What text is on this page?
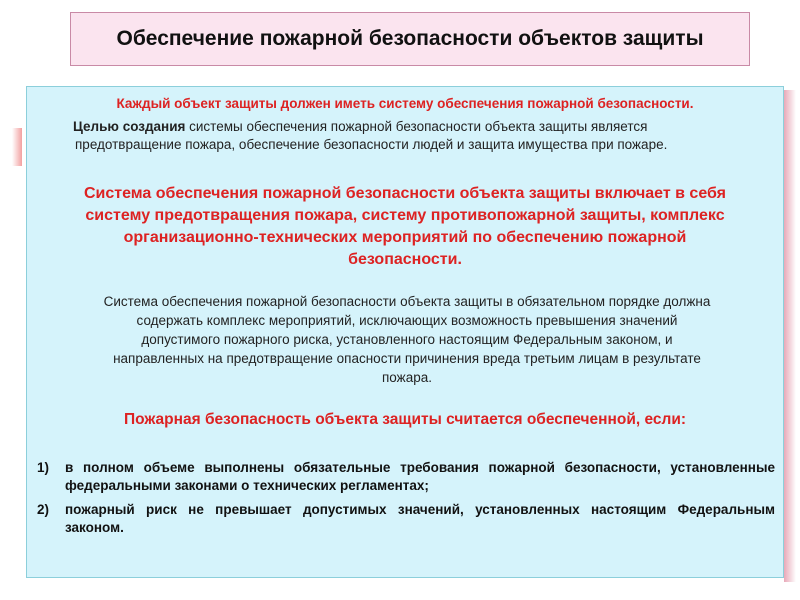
Обеспечение пожарной безопасности объектов защиты
Каждый объект защиты должен иметь систему обеспечения пожарной безопасности.
Целью создания системы обеспечения пожарной безопасности объекта защиты является
предотвращение пожара, обеспечение безопасности людей и защита имущества при пожаре.
Система обеспечения пожарной безопасности объекта защиты включает в себя
систему предотвращения пожара, систему противопожарной защиты, комплекс
организационно-технических мероприятий по обеспечению пожарной
безопасности.
Система обеспечения пожарной безопасности объекта защиты в обязательном порядке должна
содержать комплекс мероприятий, исключающих возможность превышения значений
допустимого пожарного риска, установленного настоящим Федеральным законом, и
направленных на предотвращение опасности причинения вреда третьим лицам в результате
пожара.
Пожарная безопасность объекта защиты считается обеспеченной, если:
1)	в полном объеме выполнены обязательные требования пожарной безопасности, установленные федеральными законами о технических регламентах;
2)	пожарный риск не превышает допустимых значений, установленных настоящим Федеральным законом.
